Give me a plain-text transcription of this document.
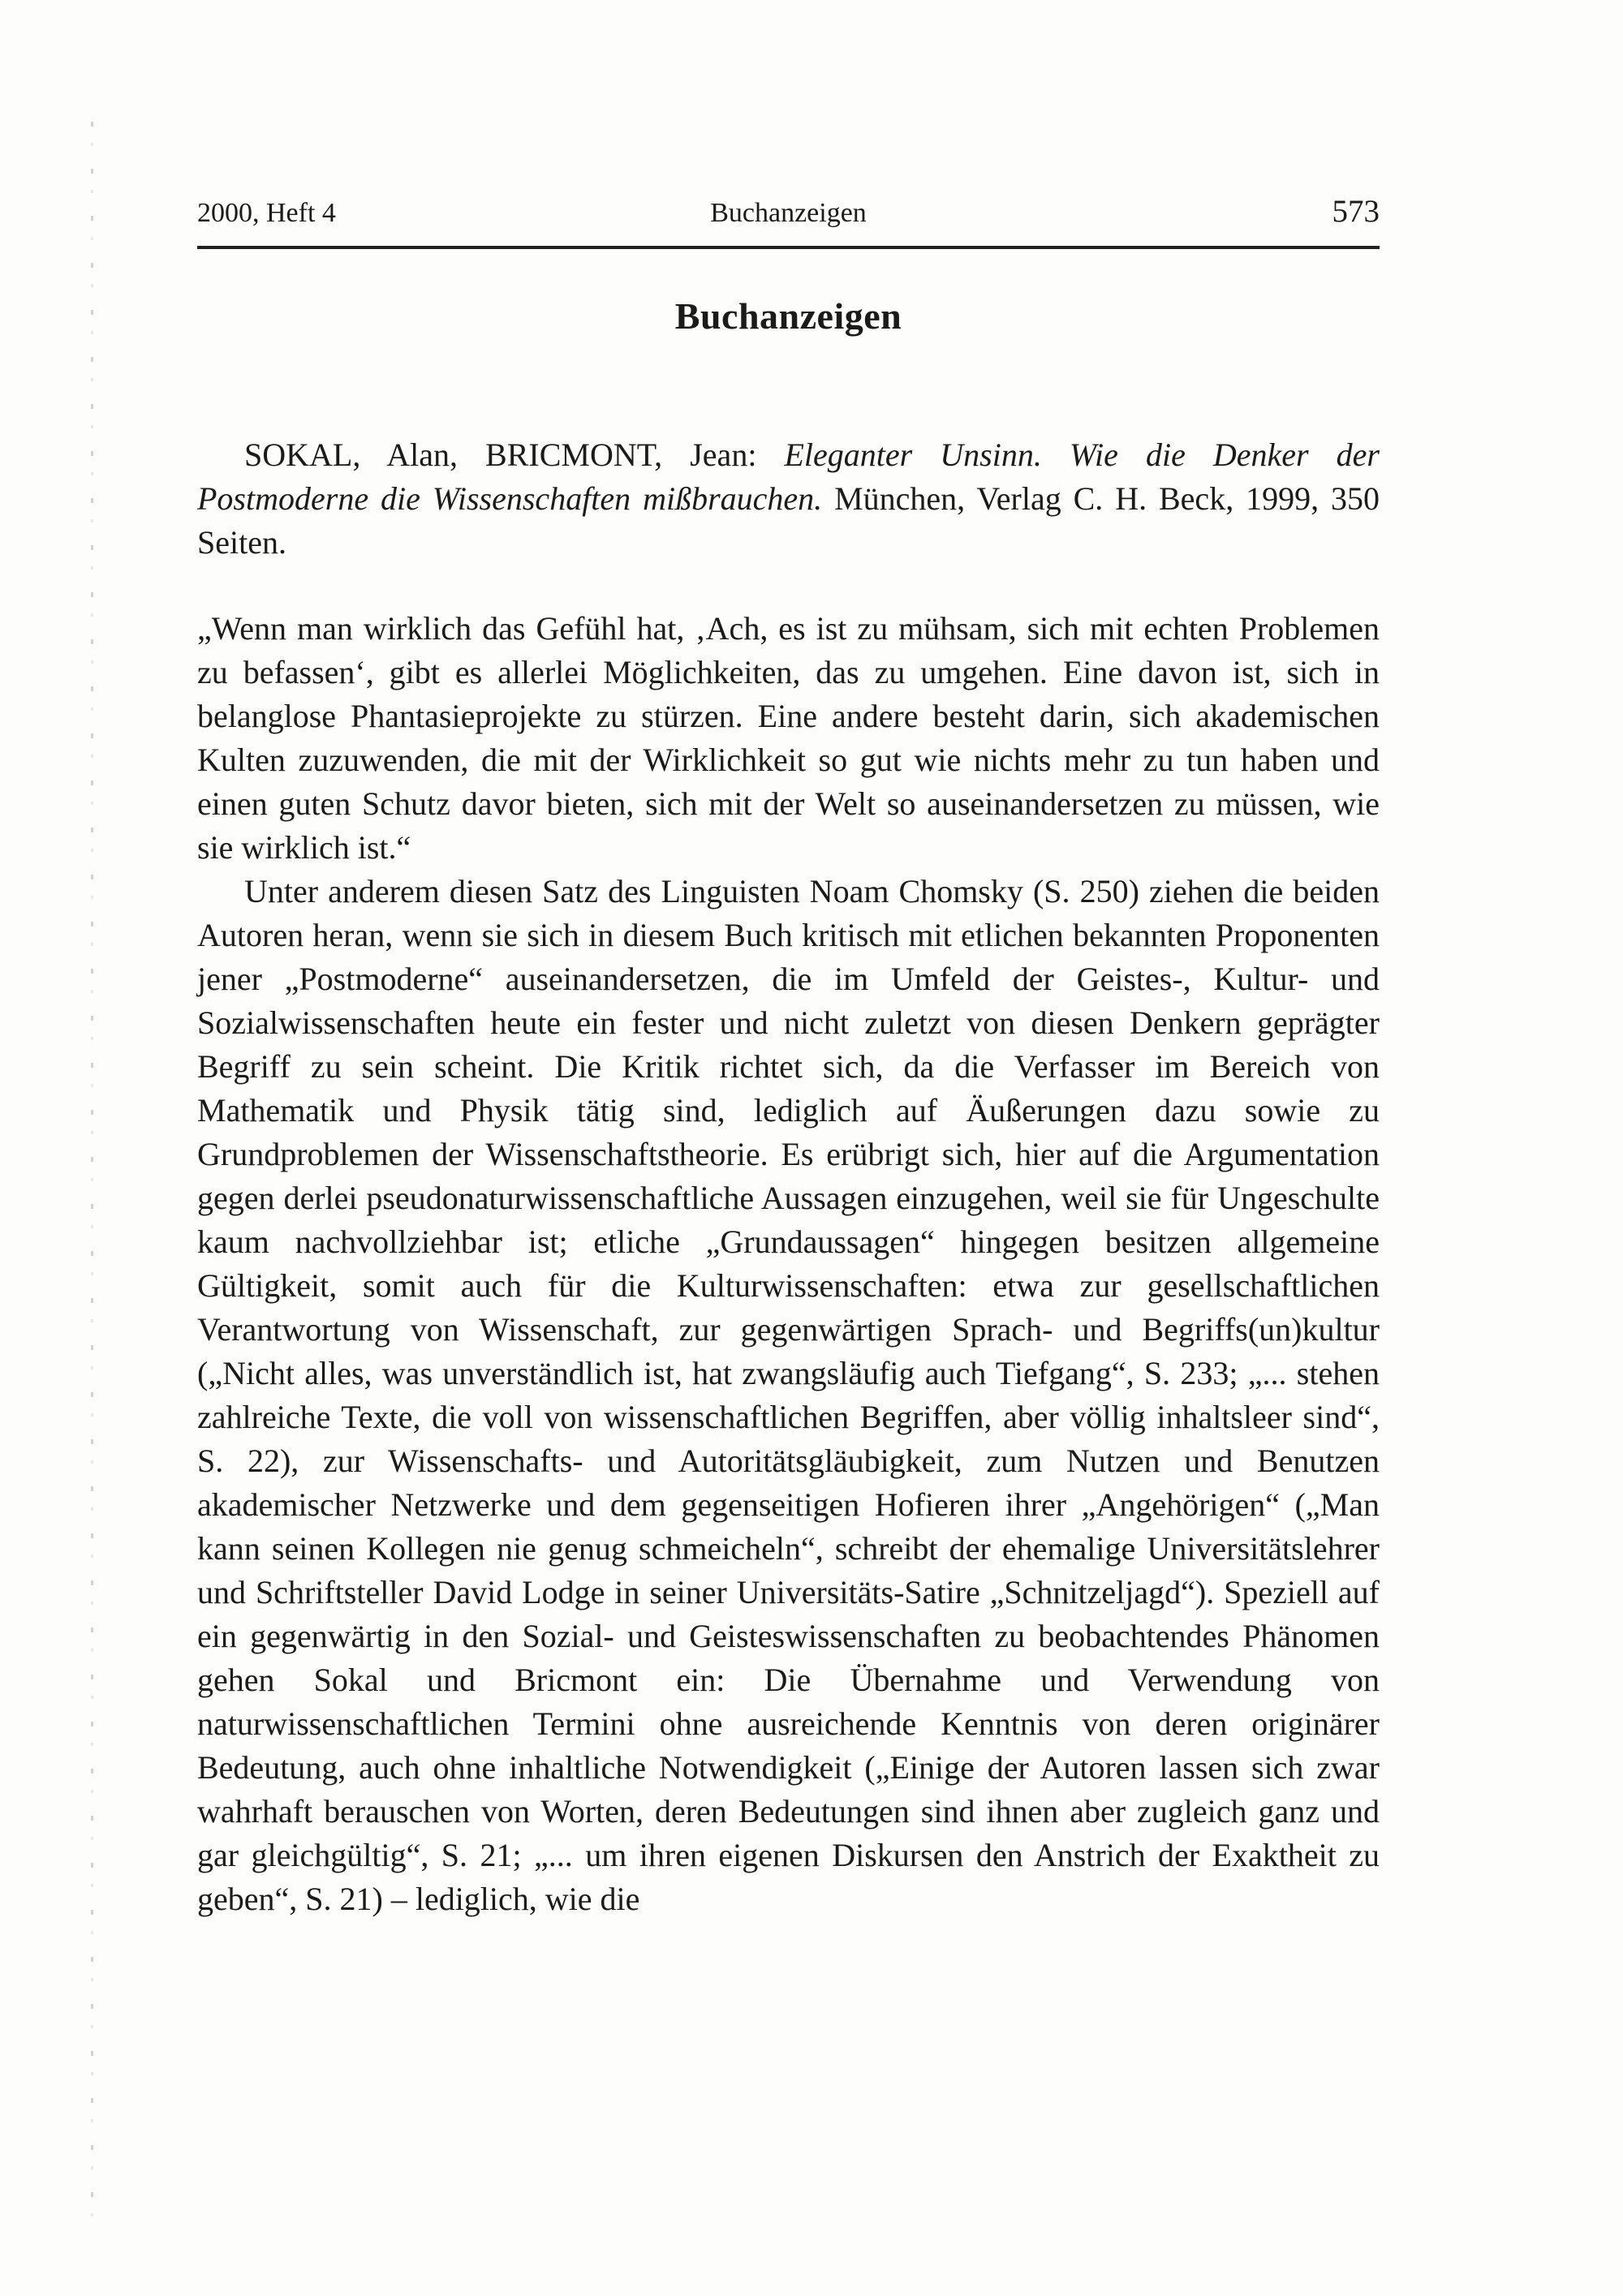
2000, Heft 4	Buchanzeigen	573
Buchanzeigen

SOKAL, Alan, BRICMONT, Jean: Eleganter Unsinn. Wie die Denker der Postmoderne die Wissenschaften mißbrauchen. München, Verlag C. H. Beck, 1999, 350 Seiten.

„Wenn man wirklich das Gefühl hat, ‚Ach, es ist zu mühsam, sich mit echten Problemen zu befassen‘, gibt es allerlei Möglichkeiten, das zu umgehen. Eine davon ist, sich in belanglose Phantasieprojekte zu stürzen. Eine andere besteht darin, sich akademischen Kulten zuzuwenden, die mit der Wirklichkeit so gut wie nichts mehr zu tun haben und einen guten Schutz davor bieten, sich mit der Welt so auseinandersetzen zu müssen, wie sie wirklich ist.“

Unter anderem diesen Satz des Linguisten Noam Chomsky (S. 250) ziehen die beiden Autoren heran, wenn sie sich in diesem Buch kritisch mit etlichen bekannten Proponenten jener „Postmoderne“ auseinandersetzen, die im Umfeld der Geistes-, Kultur- und Sozialwissenschaften heute ein fester und nicht zuletzt von diesen Denkern geprägter Begriff zu sein scheint. Die Kritik richtet sich, da die Verfasser im Bereich von Mathematik und Physik tätig sind, lediglich auf Äußerungen dazu sowie zu Grundproblemen der Wissenschaftstheorie. Es erübrigt sich, hier auf die Argumentation gegen derlei pseudonaturwissenschaftliche Aussagen einzugehen, weil sie für Ungeschulte kaum nachvollziehbar ist; etliche „Grundaussagen“ hingegen besitzen allgemeine Gültigkeit, somit auch für die Kulturwissenschaften: etwa zur gesellschaftlichen Verantwortung von Wissenschaft, zur gegenwärtigen Sprach- und Begriffs(un)kultur („Nicht alles, was unverständlich ist, hat zwangsläufig auch Tiefgang“, S. 233; „... stehen zahlreiche Texte, die voll von wissenschaftlichen Begriffen, aber völlig inhaltsleer sind“, S. 22), zur Wissenschafts- und Autoritätsgläubigkeit, zum Nutzen und Benutzen akademischer Netzwerke und dem gegenseitigen Hofieren ihrer „Angehörigen“ („Man kann seinen Kollegen nie genug schmeicheln“, schreibt der ehemalige Universitätslehrer und Schriftsteller David Lodge in seiner Universitäts-Satire „Schnitzeljagd“). Speziell auf ein gegenwärtig in den Sozial- und Geisteswissenschaften zu beobachtendes Phänomen gehen Sokal und Bricmont ein: Die Übernahme und Verwendung von naturwissenschaftlichen Termini ohne ausreichende Kenntnis von deren originärer Bedeutung, auch ohne inhaltliche Notwendigkeit („Einige der Autoren lassen sich zwar wahrhaft berauschen von Worten, deren Bedeutungen sind ihnen aber zugleich ganz und gar gleichgültig“, S. 21; „... um ihren eigenen Diskursen den Anstrich der Exaktheit zu geben“, S. 21) – lediglich, wie die
